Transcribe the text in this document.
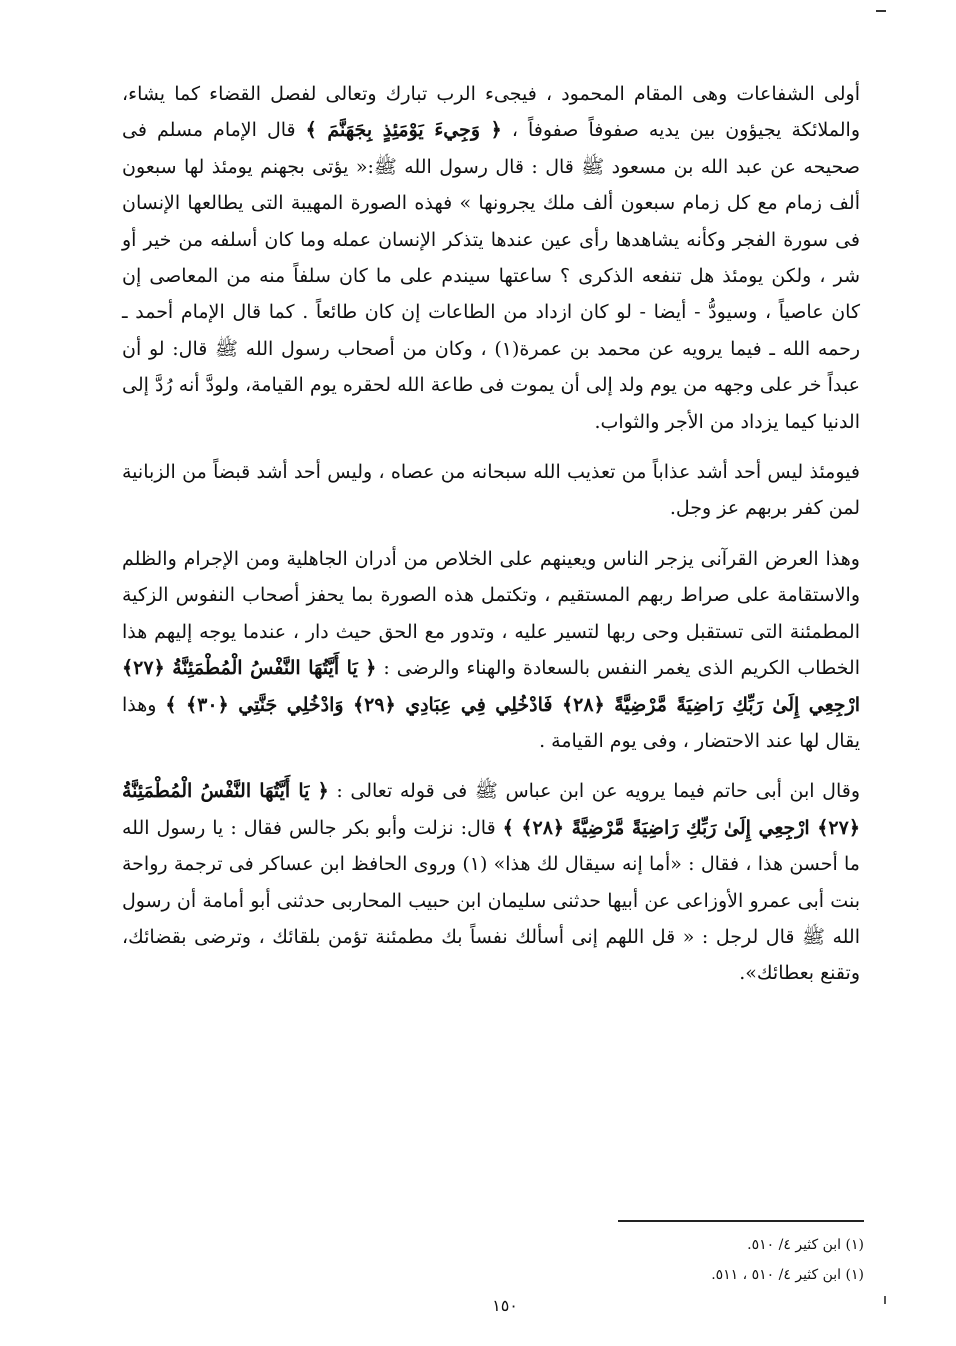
أولى الشفاعات وهى المقام المحمود ، فيجىء الرب تبارك وتعالى لفصل القضاء كما يشاء، والملائكة يجيؤون بين يديه صفوفاً صفوفاً ، ﴿ وَجِيءَ يَوْمَئِذٍ بِجَهَنَّمَ ﴾ قال الإمام مسلم فى صحيحه عن عبد الله بن مسعود ﷺ قال : قال رسول الله ﷺ:« يؤتى بجهنم يومئذ لها سبعون ألف زمام مع كل زمام سبعون ألف ملك يجرونها » فهذه الصورة المهيبة التى يطالعها الإنسان فى سورة الفجر وكأنه يشاهدها رأى عين عندها يتذكر الإنسان عمله وما كان أسلفه من خير أو شر ، ولكن يومئذ هل تنفعه الذكرى ؟ ساعتها سيندم على ما كان سلفاً منه من المعاصى إن كان عاصياً ، وسيودُّ - أيضا - لو كان ازداد من الطاعات إن كان طائعاً . كما قال الإمام أحمد ـ رحمه الله ـ فيما يرويه عن محمد بن عمرة(١) ، وكان من أصحاب رسول الله ﷺ قال: لو أن عبداً خر على وجهه من يوم ولد إلى أن يموت فى طاعة الله لحقره يوم القيامة، ولودَّ أنه رُدَّ إلى الدنيا كيما يزداد من الأجر والثواب.

فيومئذ ليس أحد أشد عذاباً من تعذيب الله سبحانه من عصاه ، وليس أحد أشد قبضاً من الزبانية لمن كفر بربهم عز وجل.

وهذا العرض القرآنى يزجر الناس ويعينهم على الخلاص من أدران الجاهلية ومن الإجرام والظلم والاستقامة على صراط ربهم المستقيم ، وتكتمل هذه الصورة بما يحفز أصحاب النفوس الزكية المطمئنة التى تستقبل وحى ربها لتسير عليه ، وتدور مع الحق حيث دار ، عندما يوجه إليهم هذا الخطاب الكريم الذى يغمر النفس بالسعادة والهناء والرضى : ﴿ يَا أَيَّتُهَا النَّفْسُ الْمُطْمَئِنَّةُ ﴿٢٧﴾ ارْجِعِي إِلَىٰ رَبِّكِ رَاضِيَةً مَّرْضِيَّةً ﴿٢٨﴾ فَادْخُلِي فِي عِبَادِي ﴿٢٩﴾ وَادْخُلِي جَنَّتِي ﴿٣٠﴾ ﴾ وهذا يقال لها عند الاحتضار ، وفى يوم القيامة .

وقال ابن أبى حاتم فيما يرويه عن ابن عباس ﷺ فى قوله تعالى : ﴿ يَا أَيَّتُهَا النَّفْسُ الْمُطْمَئِنَّةُ ﴿٢٧﴾ ارْجِعِي إِلَىٰ رَبِّكِ رَاضِيَةً مَّرْضِيَّةً ﴿٢٨﴾ ﴾ قال: نزلت وأبو بكر جالس فقال : يا رسول الله ما أحسن هذا ، فقال : «أما إنه سيقال لك هذا» (١) وروى الحافظ ابن عساكر فى ترجمة رواحة بنت أبى عمرو الأوزاعى عن أبيها حدثنى سليمان ابن حبيب المحاربى حدثنى أبو أمامة أن رسول الله ﷺ قال لرجل : « قل اللهم إنى أسألك نفساً بك مطمئنة تؤمن بلقائك ، وترضى بقضائك، وتقنع بعطائك».

(١) ابن كثير ٤/ ٥١٠.
(١) ابن كثير ٤/ ٥١٠ ، ٥١١.
١٥٠
